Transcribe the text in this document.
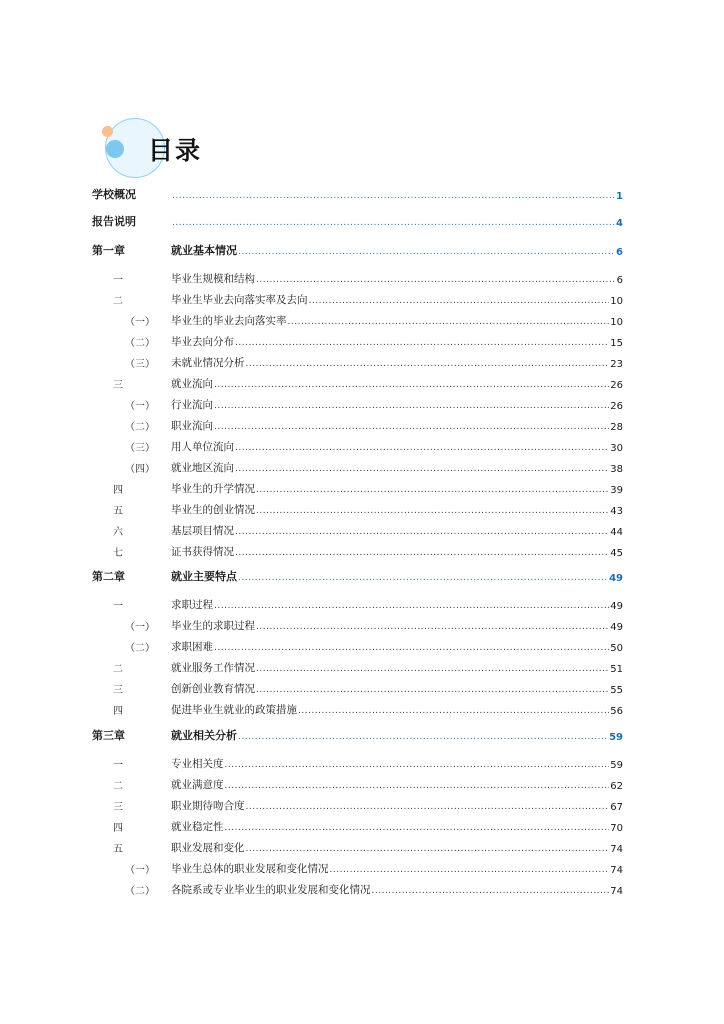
目录
学校概况 .....	1
报告说明 .....	4
第一章	就业基本情况 .....	6
一	毕业生规模和结构 .....	6
二	毕业生毕业去向落实率及去向 .....	10
（一） 毕业生的毕业去向落实率 .....	10
（二） 毕业去向分布 .....	15
（三） 未就业情况分析 .....	23
三	就业流向 .....	26
（一） 行业流向 .....	26
（二） 职业流向 .....	28
（三） 用人单位流向 .....	30
（四） 就业地区流向 .....	38
四	毕业生的升学情况 .....	39
五	毕业生的创业情况 .....	43
六	基层项目情况 .....	44
七	证书获得情况 .....	45
第二章	就业主要特点 .....	49
一	求职过程 .....	49
（一） 毕业生的求职过程 .....	49
（二） 求职困难 .....	50
二	就业服务工作情况 .....	51
三	创新创业教育情况 .....	55
四	促进毕业生就业的政策措施 .....	56
第三章	就业相关分析 .....	59
一	专业相关度 .....	59
二	就业满意度 .....	62
三	职业期待吻合度 .....	67
四	就业稳定性 .....	70
五	职业发展和变化 .....	74
（一） 毕业生总体的职业发展和变化情况 .....	74
（二） 各院系或专业毕业生的职业发展和变化情况 .....	74
